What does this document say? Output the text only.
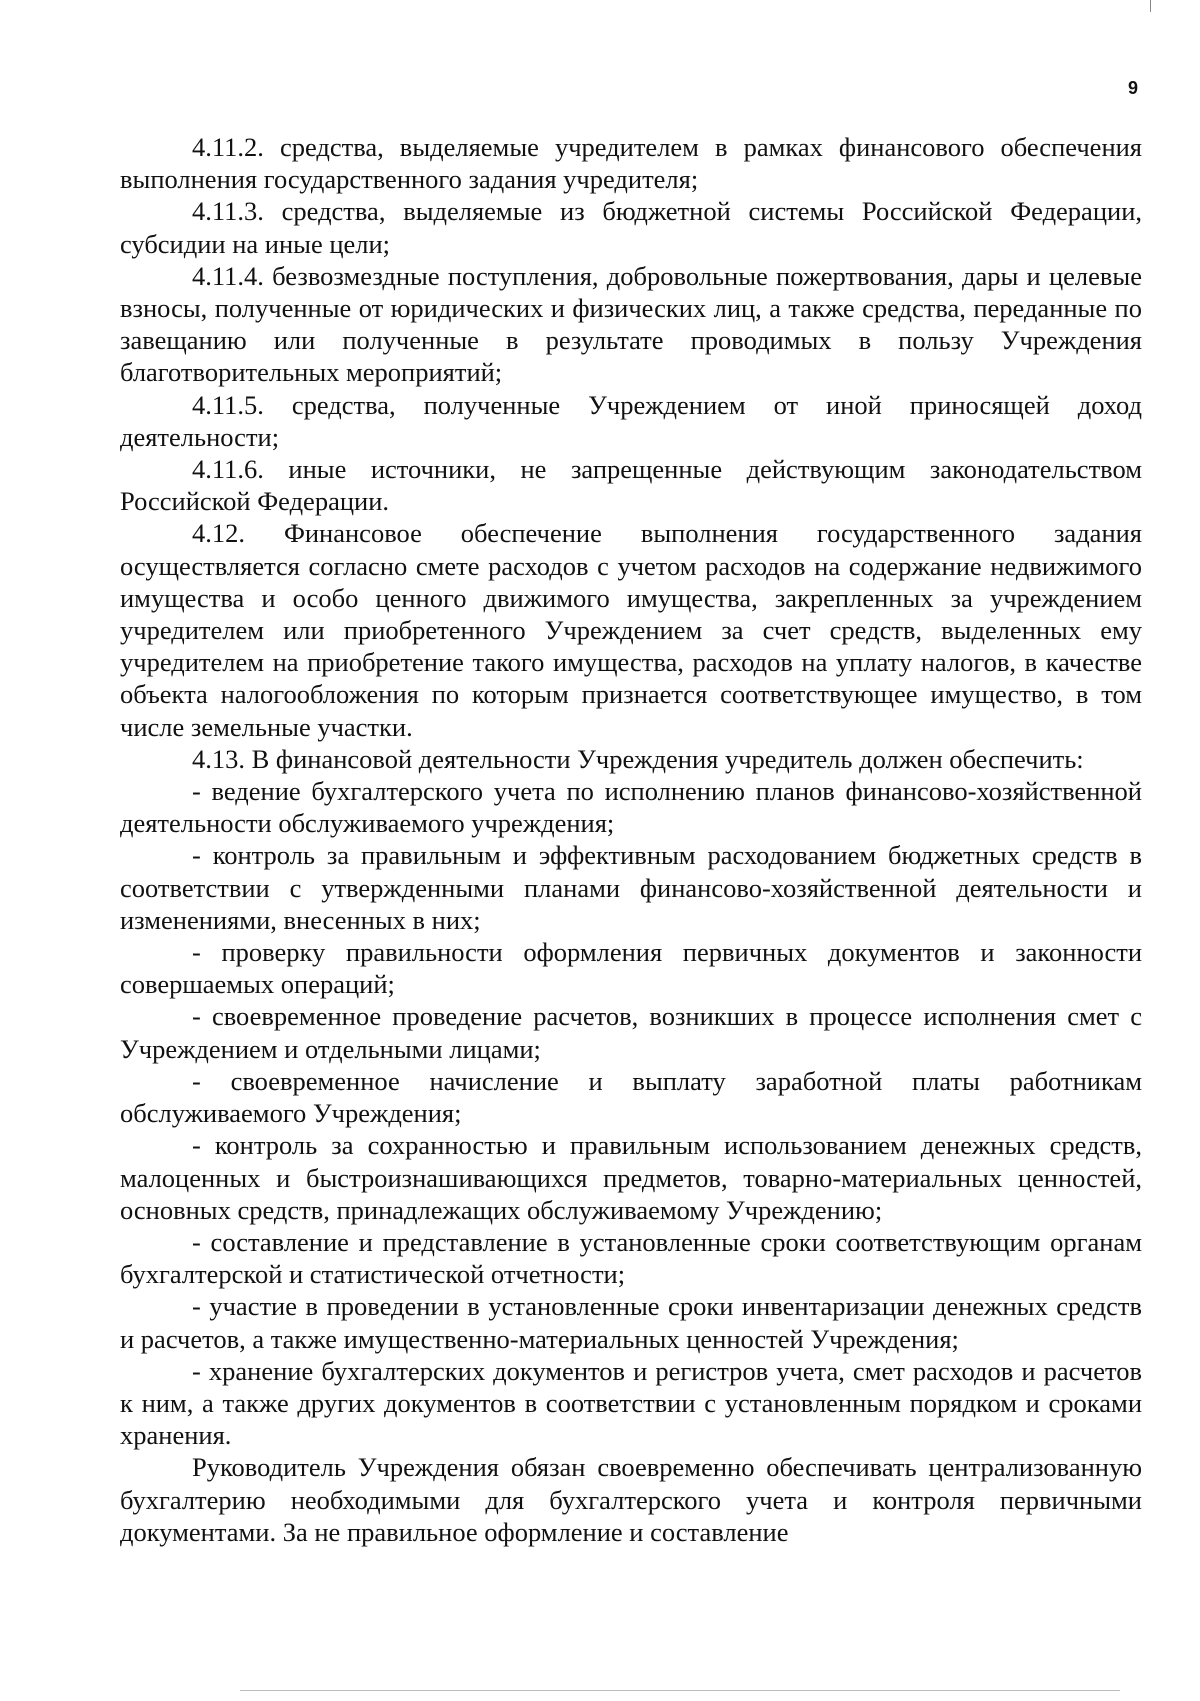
9

4.11.2. средства, выделяемые учредителем в рамках финансового обеспечения выполнения государственного задания учредителя;

4.11.3. средства, выделяемые из бюджетной системы Российской Федерации, субсидии на иные цели;

4.11.4. безвозмездные поступления, добровольные пожертвования, дары и целевые взносы, полученные от юридических и физических лиц, а также средства, переданные по завещанию или полученные в результате проводимых в пользу Учреждения благотворительных мероприятий;

4.11.5. средства, полученные Учреждением от иной приносящей доход деятельности;

4.11.6. иные источники, не запрещенные действующим законодательством Российской Федерации.

4.12. Финансовое обеспечение выполнения государственного задания осуществляется согласно смете расходов с учетом расходов на содержание недвижимого имущества и особо ценного движимого имущества, закрепленных за учреждением учредителем или приобретенного Учреждением за счет средств, выделенных ему учредителем на приобретение такого имущества, расходов на уплату налогов, в качестве объекта налогообложения по которым признается соответствующее имущество, в том числе земельные участки.

4.13. В финансовой деятельности Учреждения учредитель должен обеспечить:

- ведение бухгалтерского учета по исполнению планов финансово-хозяйственной деятельности обслуживаемого учреждения;

- контроль за правильным и эффективным расходованием бюджетных средств в соответствии с утвержденными планами финансово-хозяйственной деятельности и изменениями, внесенных в них;

- проверку правильности оформления первичных документов и законности совершаемых операций;

- своевременное проведение расчетов, возникших в процессе исполнения смет с Учреждением и отдельными лицами;

- своевременное начисление и выплату заработной платы работникам обслуживаемого Учреждения;

- контроль за сохранностью и правильным использованием денежных средств, малоценных и быстроизнашивающихся предметов, товарно-материальных ценностей, основных средств, принадлежащих обслуживаемому Учреждению;

- составление и представление в установленные сроки соответствующим органам бухгалтерской и статистической отчетности;

- участие в проведении в установленные сроки инвентаризации денежных средств и расчетов, а также имущественно-материальных ценностей Учреждения;

- хранение бухгалтерских документов и регистров учета, смет расходов и расчетов к ним, а также других документов в соответствии с установленным порядком и сроками хранения.

Руководитель Учреждения обязан своевременно обеспечивать централизованную бухгалтерию необходимыми для бухгалтерского учета и контроля первичными документами. За не правильное оформление и составление
